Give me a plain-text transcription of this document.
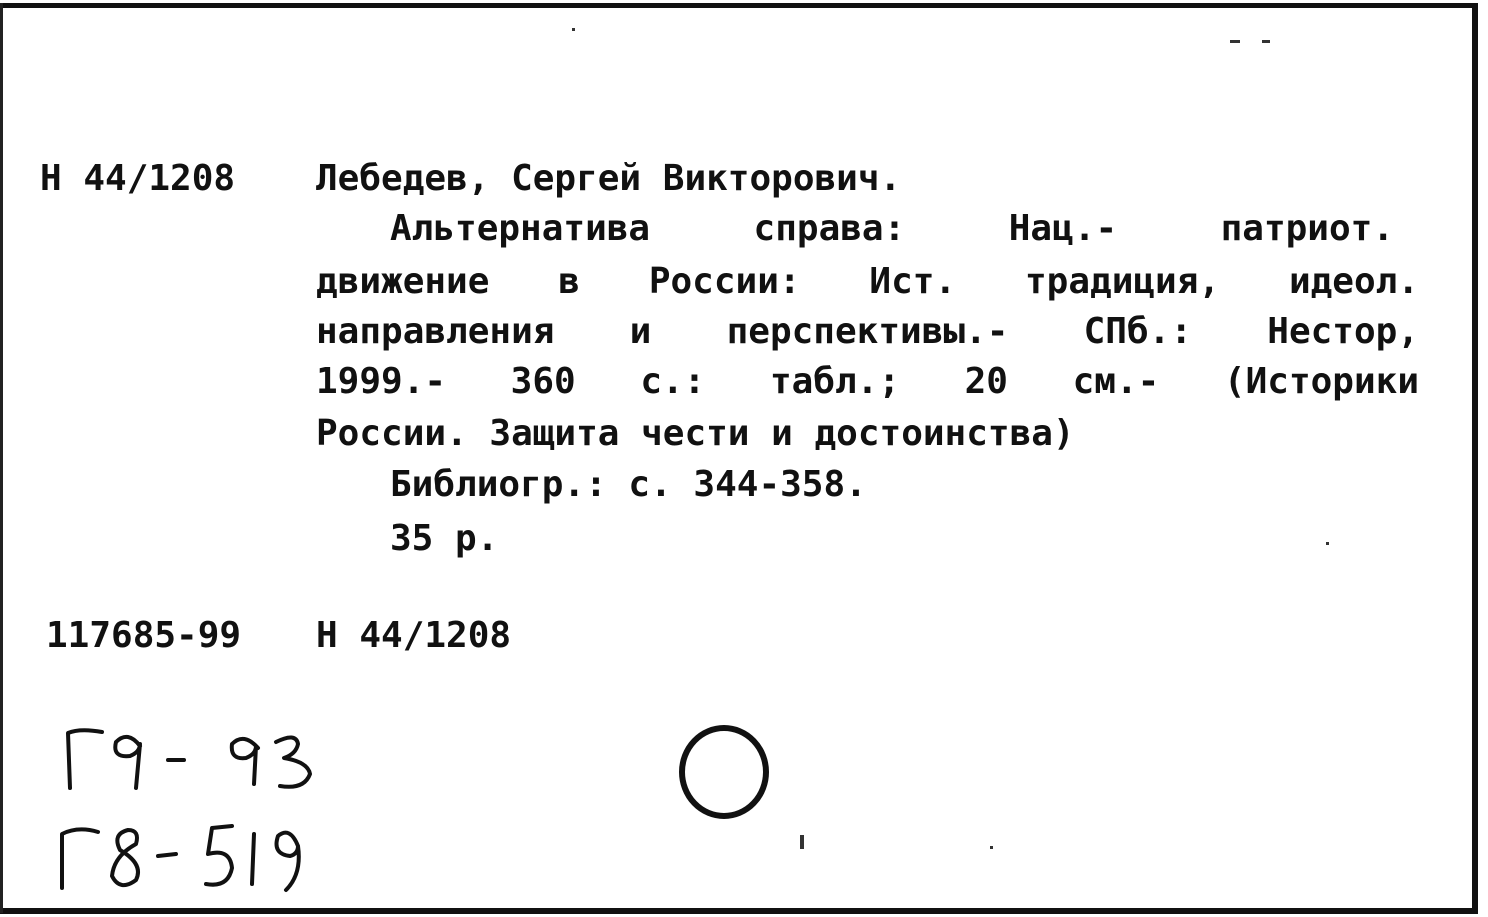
Н 44/1208 Лебедев, Сергей Викторович.
Альтернатива справа: Нац.- патриот.
движение в России: Ист. традиция, идеол.
направления и перспективы.- СПб.: Нестор,
1999.- 360 с.: табл.; 20 см.- (Историки
России. Защита чести и достоинства)
Библиогр.: с. 344-358.
35 р.
117685-99 Н 44/1208
